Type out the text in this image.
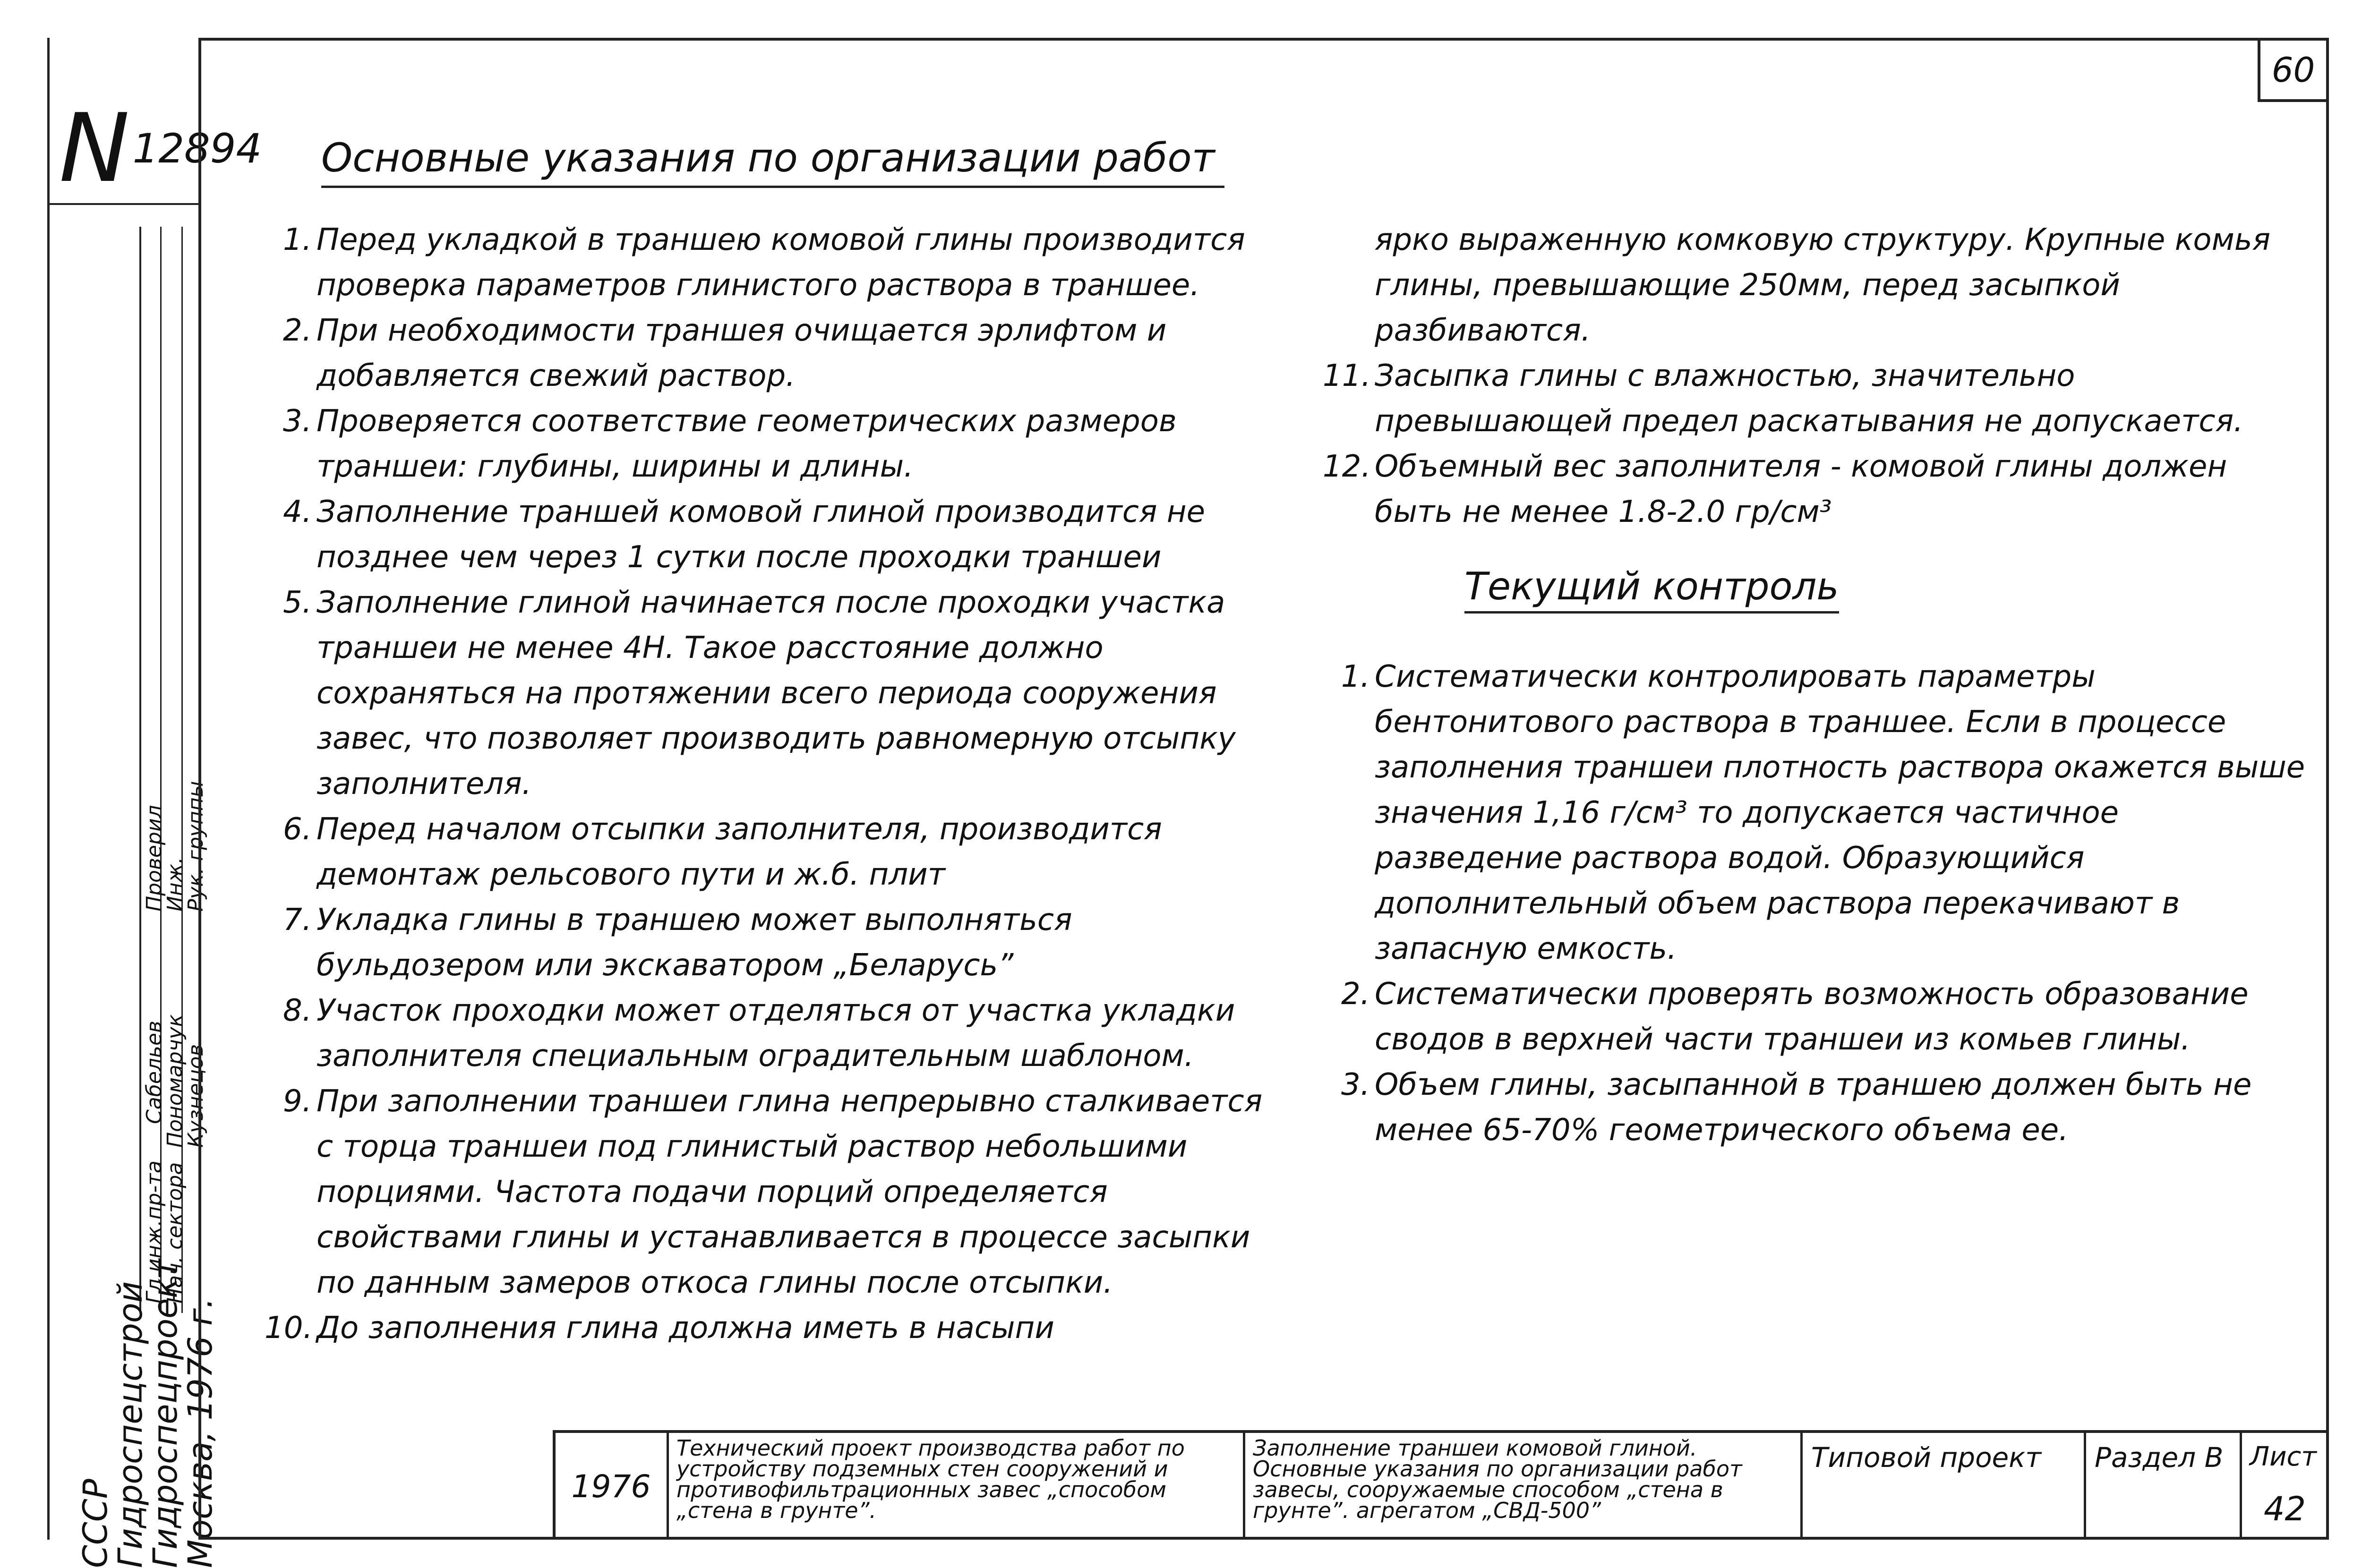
N 12894
Гл.инж.пр-та
Нач. сектора
Проверил
Инж.
Рук. группы
Сабельев
Пономарчук
Кузнецов
СССР
Гидроспецстрой
Гидроспецпроект
Москва, 1976 г.
60
Основные указания по организации работ

1. Перед укладкой в траншею комовой глины производится проверка параметров глинистого раствора в траншее.

2. При необходимости траншея очищается эрлифтом и добавляется свежий раствор.

3. Проверяется соответствие геометрических размеров траншеи: глубины, ширины и длины.

4. Заполнение траншей комовой глиной производится не позднее чем через 1 сутки после проходки траншеи

5. Заполнение глиной начинается после проходки участка траншеи не менее 4Н. Такое расстояние должно сохраняться на протяжении всего периода сооружения завес, что позволяет производить равномерную отсыпку заполнителя.

6. Перед началом отсыпки заполнителя, производится демонтаж рельсового пути и ж.б. плит

7. Укладка глины в траншею может выполняться бульдозером или экскаватором „Беларусь”

8. Участок проходки может отделяться от участка укладки заполнителя специальным оградительным шаблоном.

9. При заполнении траншеи глина непрерывно сталкивается с торца траншеи под глинистый раствор небольшими порциями. Частота подачи порций определяется свойствами глины и устанавливается в процессе засыпки по данным замеров откоса глины после отсыпки.

10. До заполнения глина должна иметь в насыпи

ярко выраженную комковую структуру. Крупные комья глины, превышающие 250мм, перед засыпкой разбиваются.

11. Засыпка глины с влажностью, значительно превышающей предел раскатывания не допускается.

12. Объемный вес заполнителя - комовой глины должен быть не менее 1.8-2.0 гр/см³

Текущий контроль

1. Систематически контролировать параметры бентонитового раствора в траншее. Если в процессе заполнения траншеи плотность раствора окажется выше значения 1,16 г/см³ то допускается частичное разведение раствора водой. Образующийся дополнительный объем раствора перекачивают в запасную емкость.

2. Систематически проверять возможность образование сводов в верхней части траншеи из комьев глины.

3. Объем глины, засыпанной в траншею должен быть не менее 65-70% геометрического объема ее.

1976
Технический проект производства работ по устройству подземных стен сооружений и противофильтрационных завес „способом „стена в грунте”.
Заполнение траншеи комовой глиной. Основные указания по организации работ завесы, сооружаемые способом „стена в грунте”. агрегатом „СВД-500”
Типовой проект	Раздел В Лист
42
